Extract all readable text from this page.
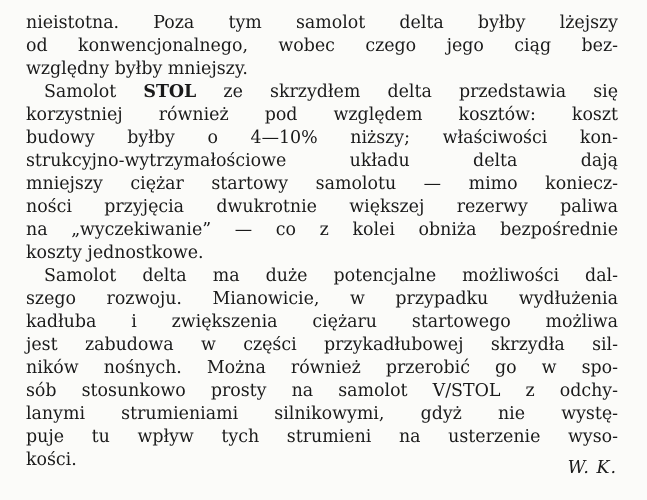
nieistotna. Poza tym samolot delta byłby lżejszy
od konwencjonalnego, wobec czego jego ciąg bez-
względny byłby mniejszy.
Samolot STOL ze skrzydłem delta przedstawia się
korzystniej również pod względem kosztów: koszt
budowy byłby o 4—10% niższy; właściwości kon-
strukcyjno-wytrzymałościowe układu delta dają
mniejszy ciężar startowy samolotu — mimo koniecz-
ności przyjęcia dwukrotnie większej rezerwy paliwa
na „wyczekiwanie” — co z kolei obniża bezpośrednie
koszty jednostkowe.
Samolot delta ma duże potencjalne możliwości dal-
szego rozwoju. Mianowicie, w przypadku wydłużenia
kadłuba i zwiększenia ciężaru startowego możliwa
jest zabudowa w części przykadłubowej skrzydła sil-
ników nośnych. Można również przerobić go w spo-
sób stosunkowo prosty na samolot V/STOL z odchy-
lanymi strumieniami silnikowymi, gdyż nie wystę-
puje tu wpływ tych strumieni na usterzenie wyso-
kości.	W. K.
